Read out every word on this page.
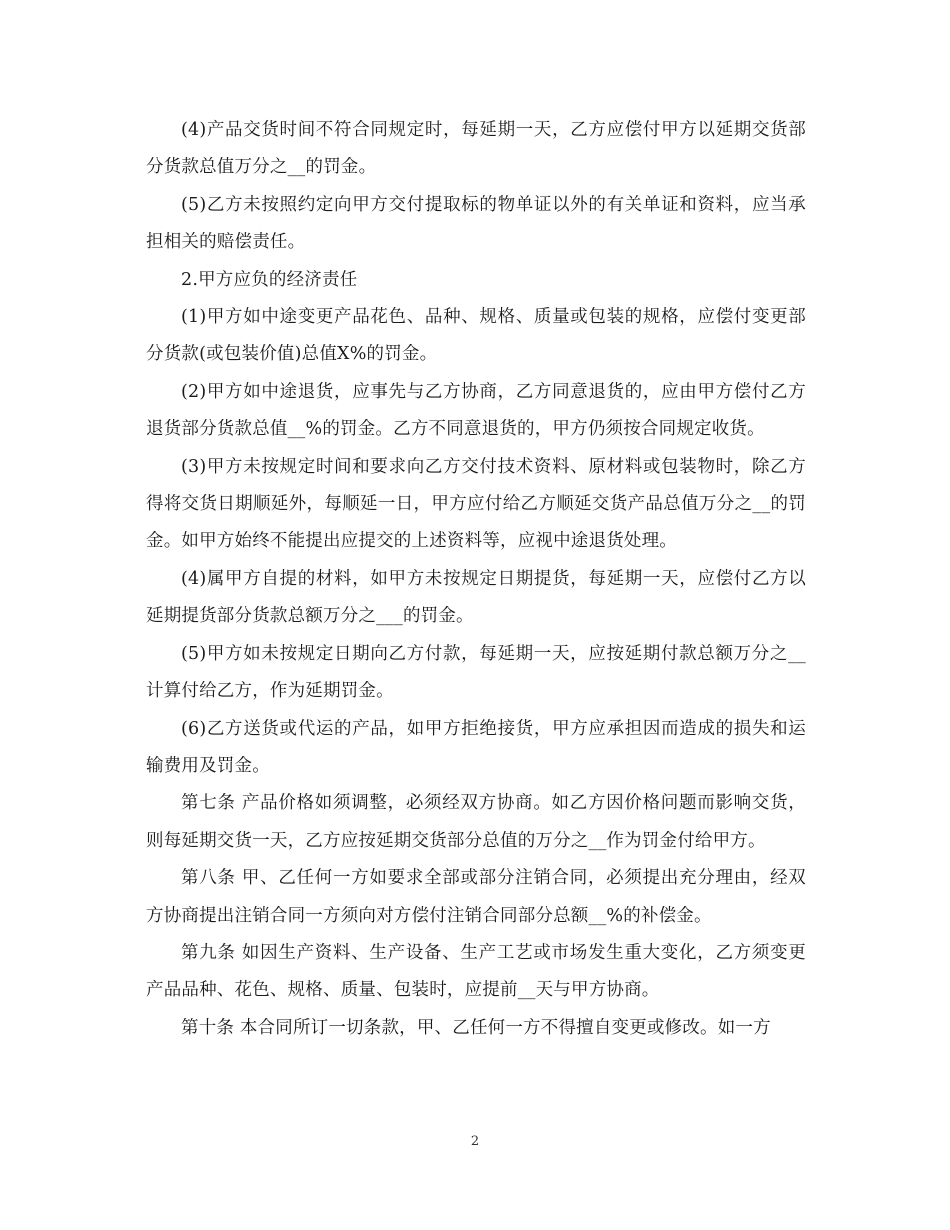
(4)产品交货时间不符合同规定时，每延期一天，乙方应偿付甲方以延期交货部分货款总值万分之__的罚金。

(5)乙方未按照约定向甲方交付提取标的物单证以外的有关单证和资料，应当承担相关的赔偿责任。

2.甲方应负的经济责任

(1)甲方如中途变更产品花色、品种、规格、质量或包装的规格，应偿付变更部分货款(或包装价值)总值X%的罚金。

(2)甲方如中途退货，应事先与乙方协商，乙方同意退货的，应由甲方偿付乙方退货部分货款总值__%的罚金。乙方不同意退货的，甲方仍须按合同规定收货。

(3)甲方未按规定时间和要求向乙方交付技术资料、原材料或包装物时，除乙方得将交货日期顺延外，每顺延一日，甲方应付给乙方顺延交货产品总值万分之__的罚金。如甲方始终不能提出应提交的上述资料等，应视中途退货处理。

(4)属甲方自提的材料，如甲方未按规定日期提货，每延期一天，应偿付乙方以延期提货部分货款总额万分之___的罚金。

(5)甲方如未按规定日期向乙方付款，每延期一天，应按延期付款总额万分之__计算付给乙方，作为延期罚金。

(6)乙方送货或代运的产品，如甲方拒绝接货，甲方应承担因而造成的损失和运输费用及罚金。

第七条 产品价格如须调整，必须经双方协商。如乙方因价格问题而影响交货，则每延期交货一天，乙方应按延期交货部分总值的万分之__作为罚金付给甲方。

第八条 甲、乙任何一方如要求全部或部分注销合同，必须提出充分理由，经双方协商提出注销合同一方须向对方偿付注销合同部分总额__%的补偿金。

第九条 如因生产资料、生产设备、生产工艺或市场发生重大变化，乙方须变更产品品种、花色、规格、质量、包装时，应提前__天与甲方协商。

第十条 本合同所订一切条款，甲、乙任何一方不得擅自变更或修改。如一方

2
